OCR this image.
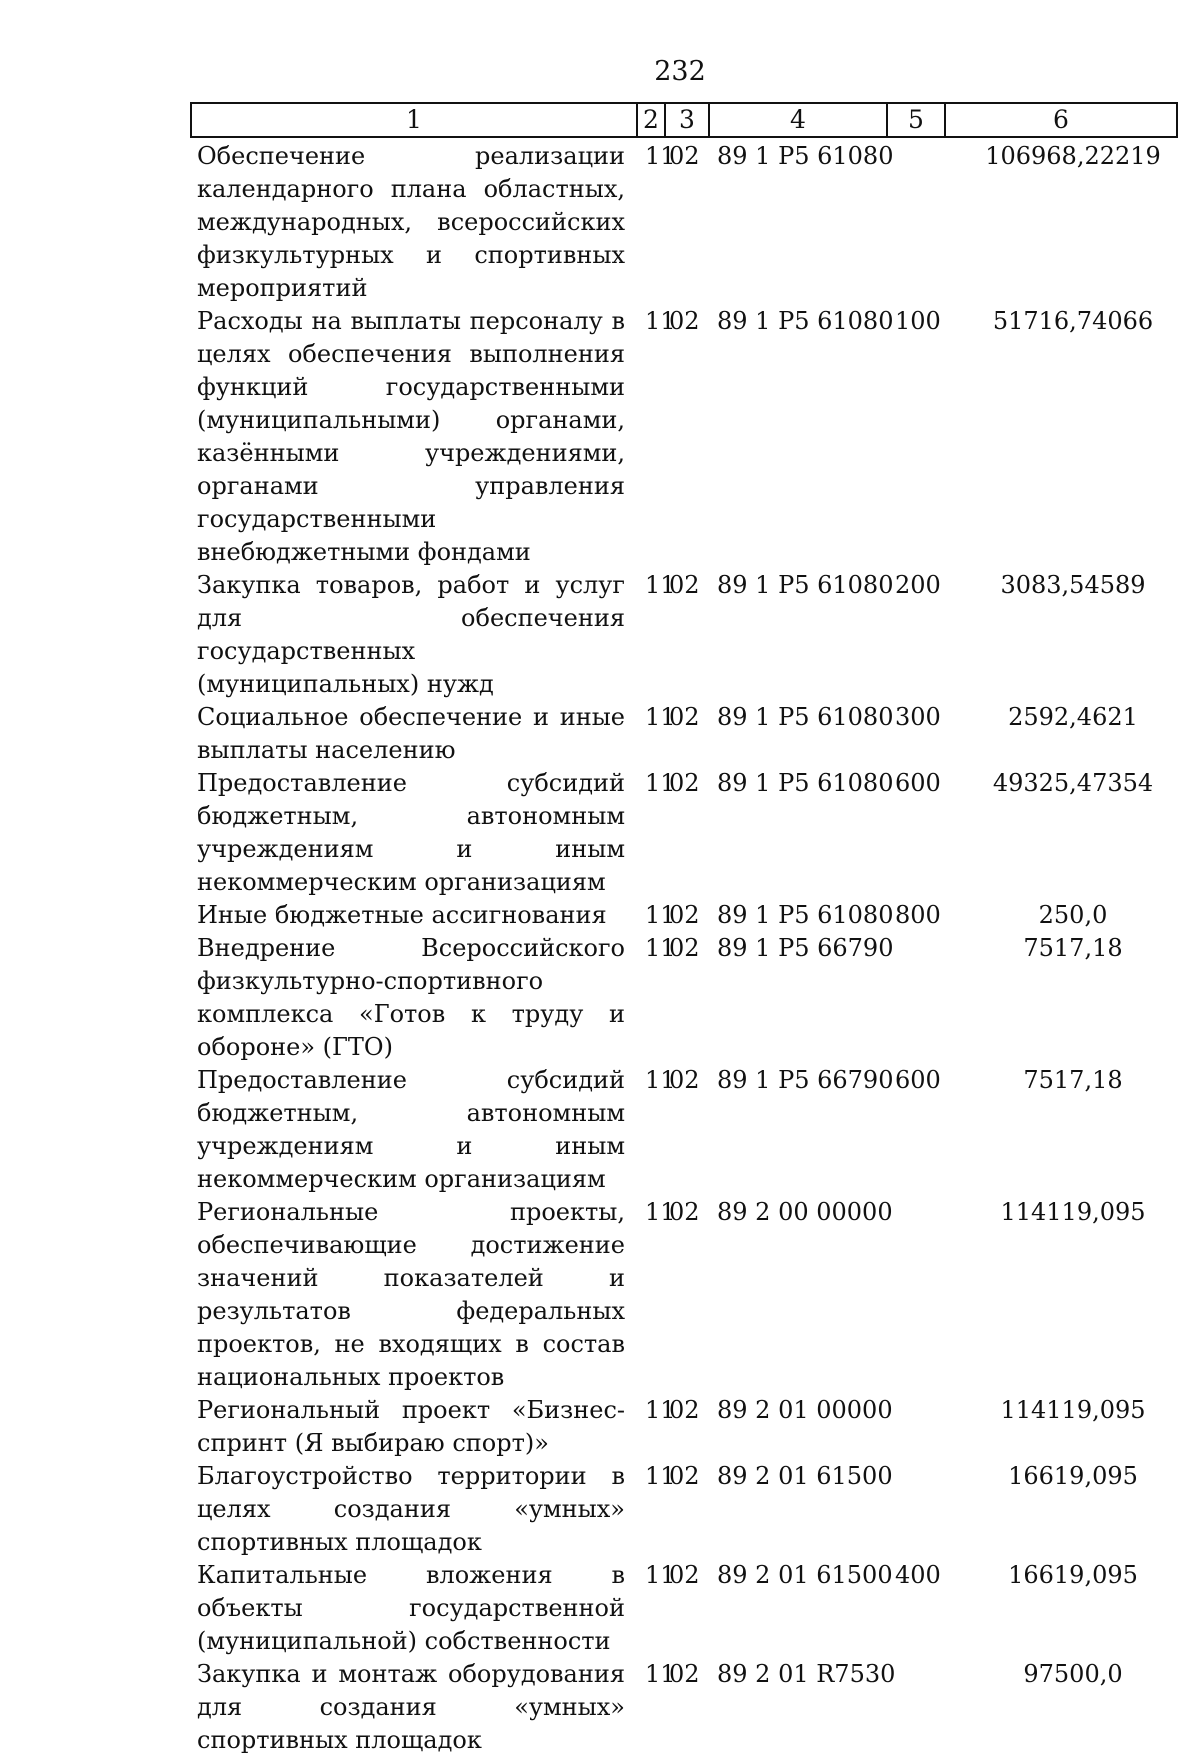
232
1	2	3	4	5	6
Обеспечение реализации календарного плана областных, международных, всероссийских физкультурных и спортивных мероприятий	11	02	89 1 Р5 61080		106968,22219
Расходы на выплаты персоналу в целях обеспечения выполнения функций государственными (муниципальными) органами, казёнными учреждениями, органами управления государственными внебюджетными фондами	11	02	89 1 Р5 61080	100	51716,74066
Закупка товаров, работ и услуг для обеспечения государственных (муниципальных) нужд	11	02	89 1 Р5 61080	200	3083,54589
Социальное обеспечение и иные выплаты населению	11	02	89 1 Р5 61080	300	2592,4621
Предоставление субсидий бюджетным, автономным учреждениям и иным некоммерческим организациям	11	02	89 1 Р5 61080	600	49325,47354
Иные бюджетные ассигнования	11	02	89 1 Р5 61080	800	250,0
Внедрение Всероссийского физкультурно-спортивного комплекса «Готов к труду и обороне» (ГТО)	11	02	89 1 Р5 66790		7517,18
Предоставление субсидий бюджетным, автономным учреждениям и иным некоммерческим организациям	11	02	89 1 Р5 66790	600	7517,18
Региональные проекты, обеспечивающие достижение значений показателей и результатов федеральных проектов, не входящих в состав национальных проектов	11	02	89 2 00 00000		114119,095
Региональный проект «Бизнес-спринт (Я выбираю спорт)»	11	02	89 2 01 00000		114119,095
Благоустройство территории в целях создания «умных» спортивных площадок	11	02	89 2 01 61500		16619,095
Капитальные вложения в объекты государственной (муниципальной) собственности	11	02	89 2 01 61500	400	16619,095
Закупка и монтаж оборудования для создания «умных» спортивных площадок	11	02	89 2 01 R7530		97500,0
